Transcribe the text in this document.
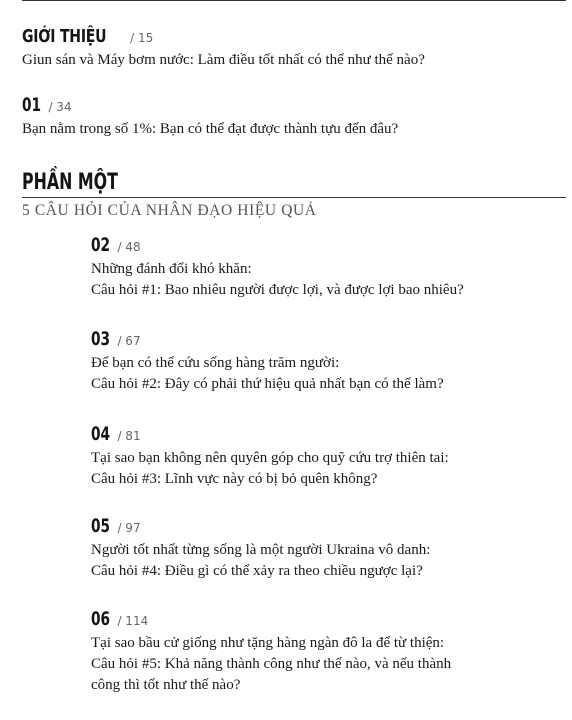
GIỚI THIỆU / 15
Giun sán và Máy bơm nước: Làm điều tốt nhất có thể như thế nào?
01 / 34
Bạn nằm trong số 1%: Bạn có thể đạt được thành tựu đến đâu?
PHẦN MỘT
5 CÂU HỎI CỦA NHÂN ĐẠO HIỆU QUẢ
02 / 48
Những đánh đổi khó khăn:
Câu hỏi #1: Bao nhiêu người được lợi, và được lợi bao nhiêu?
03 / 67
Để bạn có thể cứu sống hàng trăm người:
Câu hỏi #2: Đây có phải thứ hiệu quả nhất bạn có thể làm?
04 / 81
Tại sao bạn không nên quyên góp cho quỹ cứu trợ thiên tai:
Câu hỏi #3: Lĩnh vực này có bị bỏ quên không?
05 / 97
Người tốt nhất từng sống là một người Ukraina vô danh:
Câu hỏi #4: Điều gì có thể xảy ra theo chiều ngược lại?
06 / 114
Tại sao bầu cử giống như tặng hàng ngàn đô la để từ thiện:
Câu hỏi #5: Khả năng thành công như thế nào, và nếu thành
công thì tốt như thế nào?
